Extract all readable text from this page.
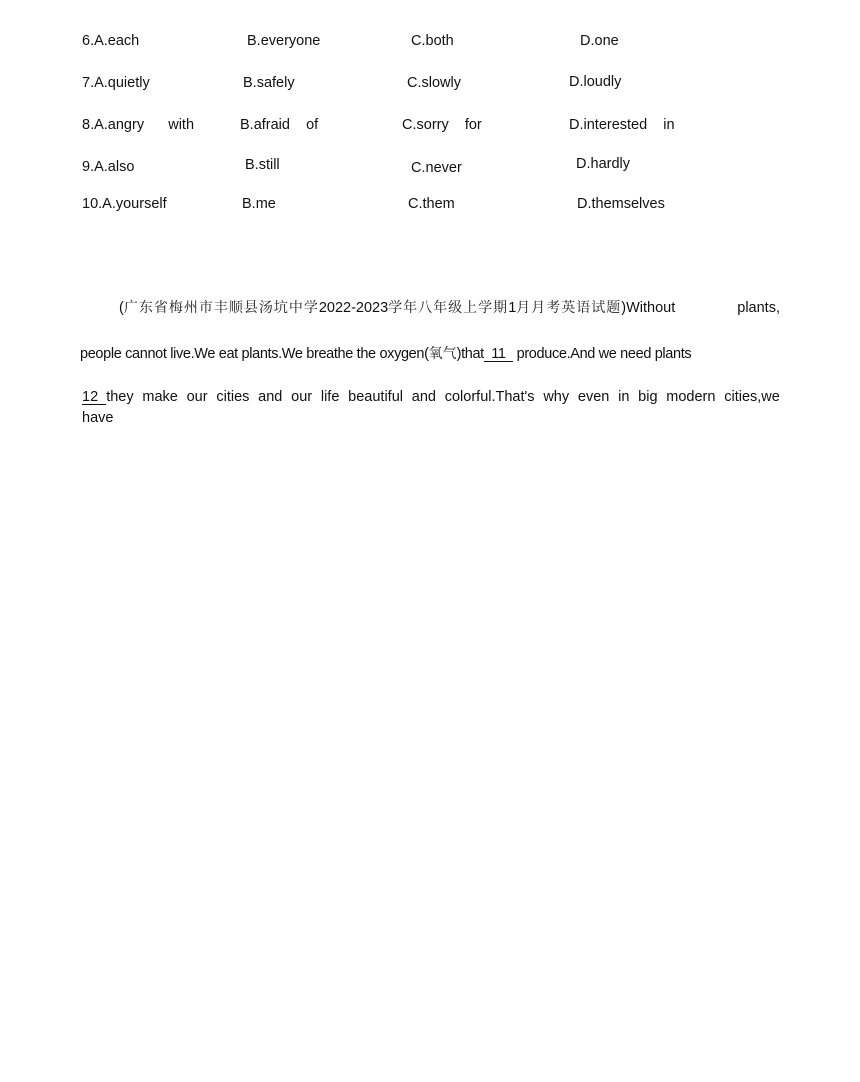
6.A.each	B.everyone	C.both	D.one
7.A.quietly	B.safely	C.slowly	D.loudly
8.A.angry      with	B.afraid    of	C.sorry    for	D.interested    in
9.A.also	B.still	C.never	D.hardly
10.A.yourself	B.me	C.them	D.themselves
(广东省梅州市丰顺县汤坑中学2022-2023学年八年级上学期1月月考英语试题)Without	plants,
people cannot live.We eat plants.We breathe the oxygen(氧气)that  11   produce.And we need plants
12  they make our cities and our life beautiful and colorful.That's why even in big modern cities,we
have
